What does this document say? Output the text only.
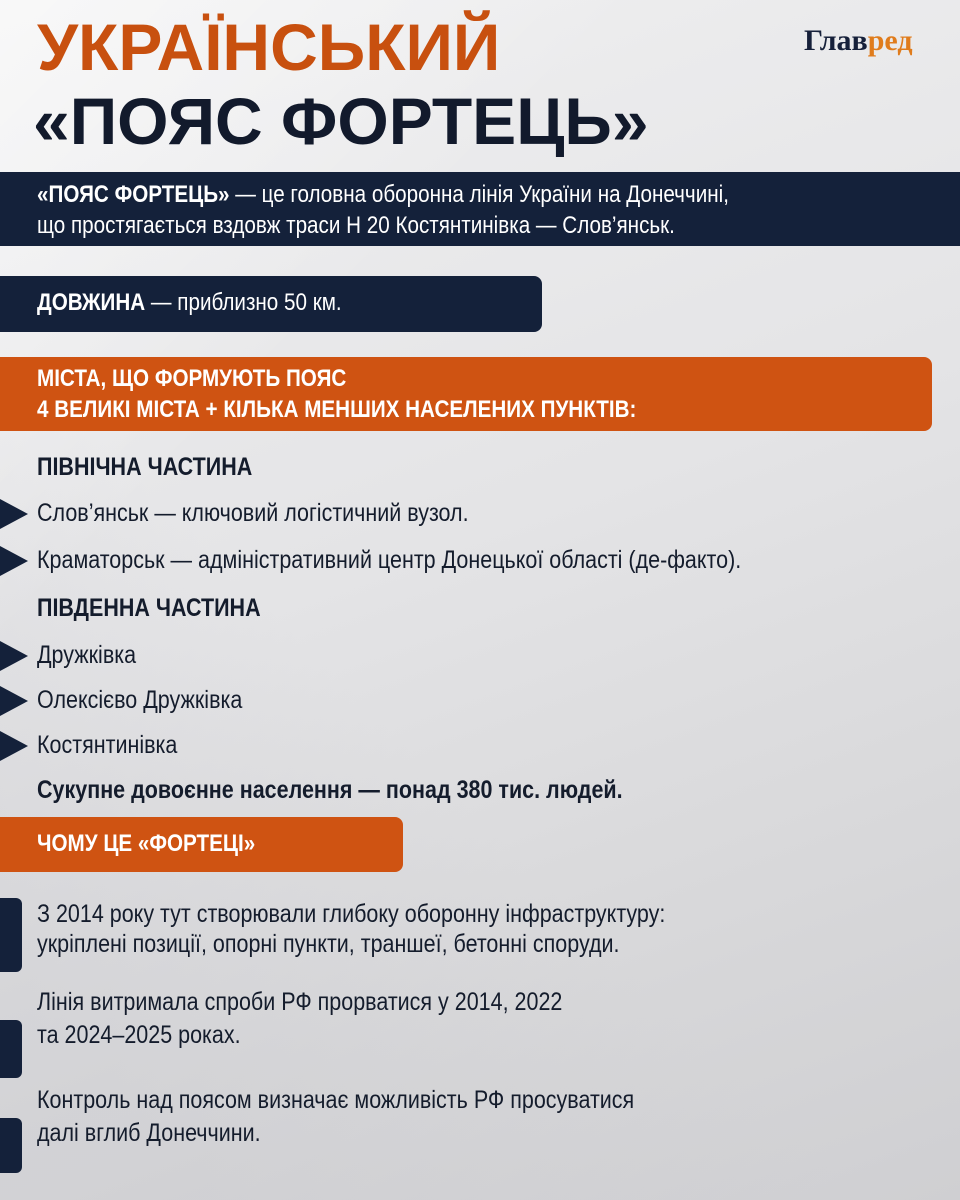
УКРАЇНСЬКИЙ
«ПОЯС ФОРТЕЦЬ»
Главред
«ПОЯС ФОРТЕЦЬ» — це головна оборонна лінія України на Донеччині,
що простягається вздовж траси Н 20 Костянтинівка — Слов’янськ.
ДОВЖИНА — приблизно 50 км.
МІСТА, ЩО ФОРМУЮТЬ ПОЯС
4 ВЕЛИКІ МІСТА + КІЛЬКА МЕНШИХ НАСЕЛЕНИХ ПУНКТІВ:
ПІВНІЧНА ЧАСТИНА
Слов’янськ — ключовий логістичний вузол.
Краматорськ — адміністративний центр Донецької області (де-факто).
ПІВДЕННА ЧАСТИНА
Дружківка
Олексієво Дружківка
Костянтинівка
Сукупне довоєнне населення — понад 380 тис. людей.
ЧОМУ ЦЕ «ФОРТЕЦІ»
З 2014 року тут створювали глибоку оборонну інфраструктуру:
укріплені позиції, опорні пункти, траншеї, бетонні споруди.
Лінія витримала спроби РФ прорватися у 2014, 2022
та 2024–2025 роках.
Контроль над поясом визначає можливість РФ просуватися
далі вглиб Донеччини.
